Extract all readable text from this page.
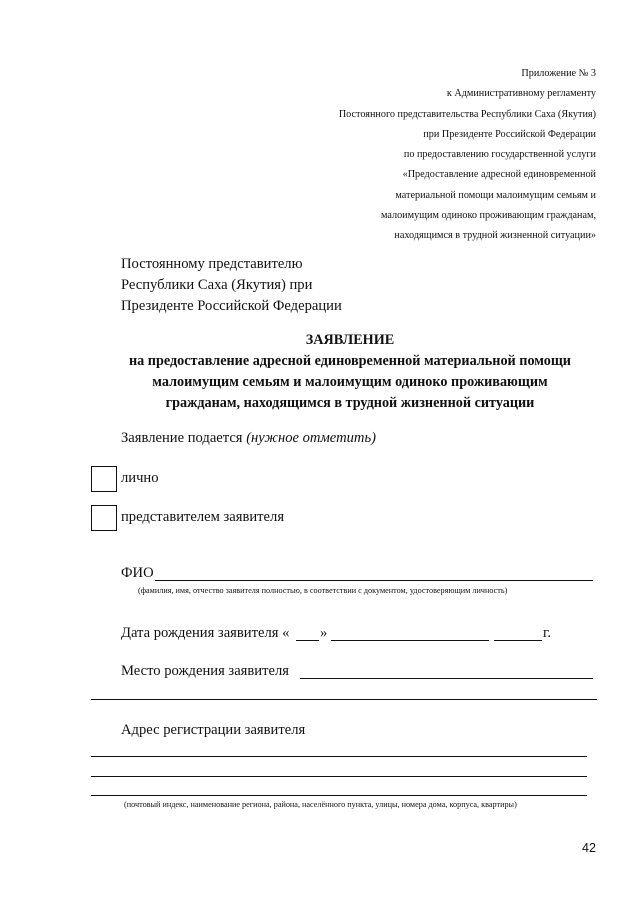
Приложение № 3
к Административному регламенту
Постоянного представительства Республики Саха (Якутия)
при Президенте Российской Федерации
по предоставлению государственной услуги
«Предоставление адресной единовременной
материальной помощи малоимущим семьям и
малоимущим одиноко проживающим гражданам,
находящимся в трудной жизненной ситуации»
Постоянному представителю
Республики Саха (Якутия) при
Президенте Российской Федерации
ЗАЯВЛЕНИЕ
на предоставление адресной единовременной материальной помощи
малоимущим семьям и малоимущим одиноко проживающим
гражданам, находящимся в трудной жизненной ситуации
Заявление подается (нужное отметить)
лично
представителем заявителя
ФИО
(фамилия, имя, отчество заявителя полностью, в соответствии с документом, удостоверяющим личность)
Дата рождения заявителя « »	г.
Место рождения заявителя
Адрес регистрации заявителя
(почтовый индекс, наименование региона, района, населённого пункта, улицы, номера дома, корпуса, квартиры)
42
